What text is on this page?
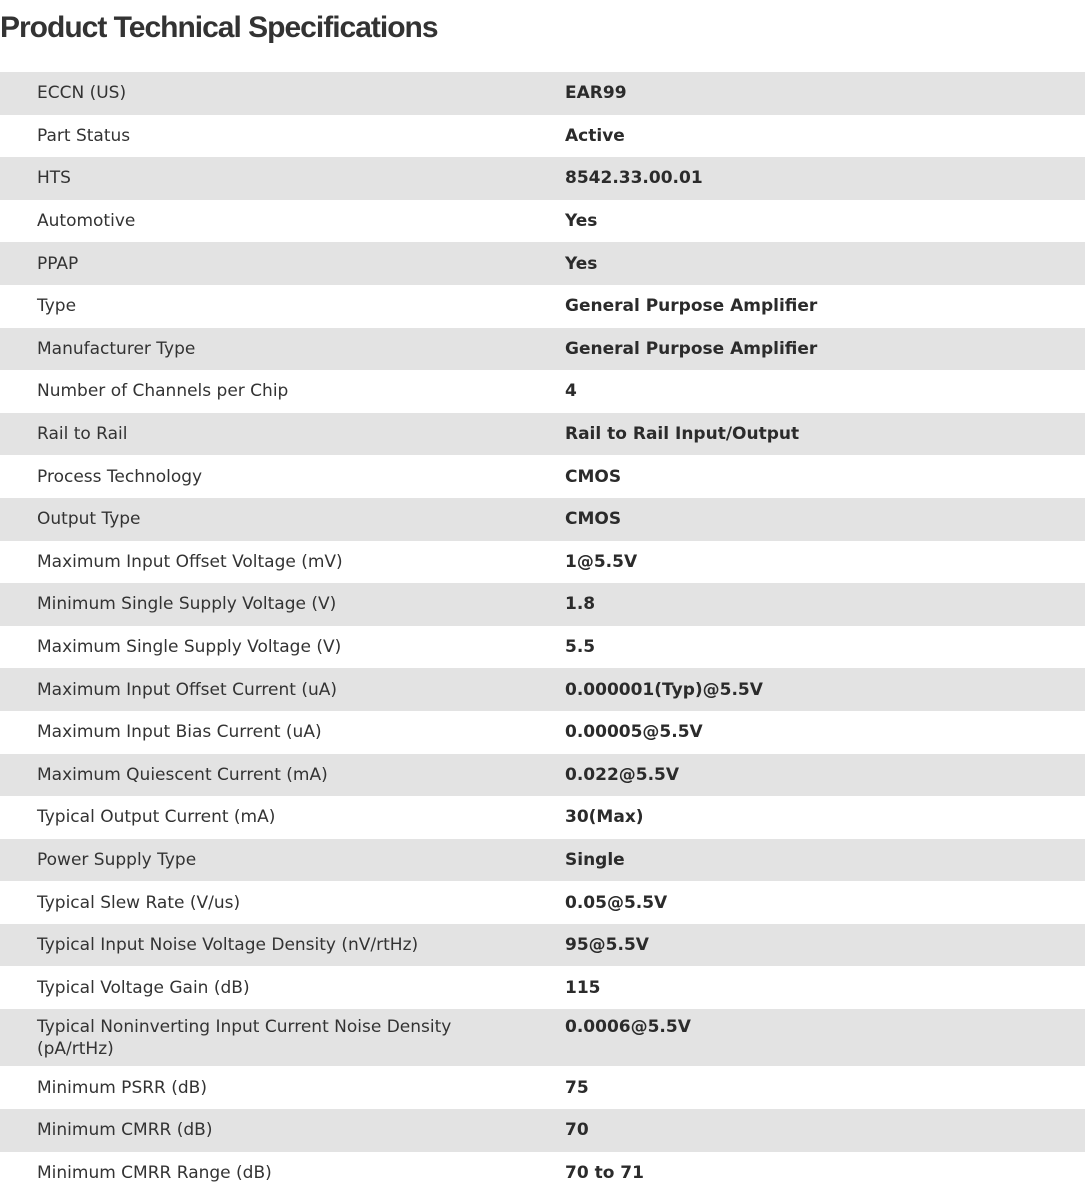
Product Technical Specifications
ECCN (US)	EAR99
Part Status	Active
HTS	8542.33.00.01
Automotive	Yes
PPAP	Yes
Type	General Purpose Amplifier
Manufacturer Type	General Purpose Amplifier
Number of Channels per Chip	4
Rail to Rail	Rail to Rail Input/Output
Process Technology	CMOS
Output Type	CMOS
Maximum Input Offset Voltage (mV)	1@5.5V
Minimum Single Supply Voltage (V)	1.8
Maximum Single Supply Voltage (V)	5.5
Maximum Input Offset Current (uA)	0.000001(Typ)@5.5V
Maximum Input Bias Current (uA)	0.00005@5.5V
Maximum Quiescent Current (mA)	0.022@5.5V
Typical Output Current (mA)	30(Max)
Power Supply Type	Single
Typical Slew Rate (V/us)	0.05@5.5V
Typical Input Noise Voltage Density (nV/rtHz)	95@5.5V
Typical Voltage Gain (dB)	115
Typical Noninverting Input Current Noise Density (pA/rtHz)	0.0006@5.5V
Minimum PSRR (dB)	75
Minimum CMRR (dB)	70
Minimum CMRR Range (dB)	70 to 71
